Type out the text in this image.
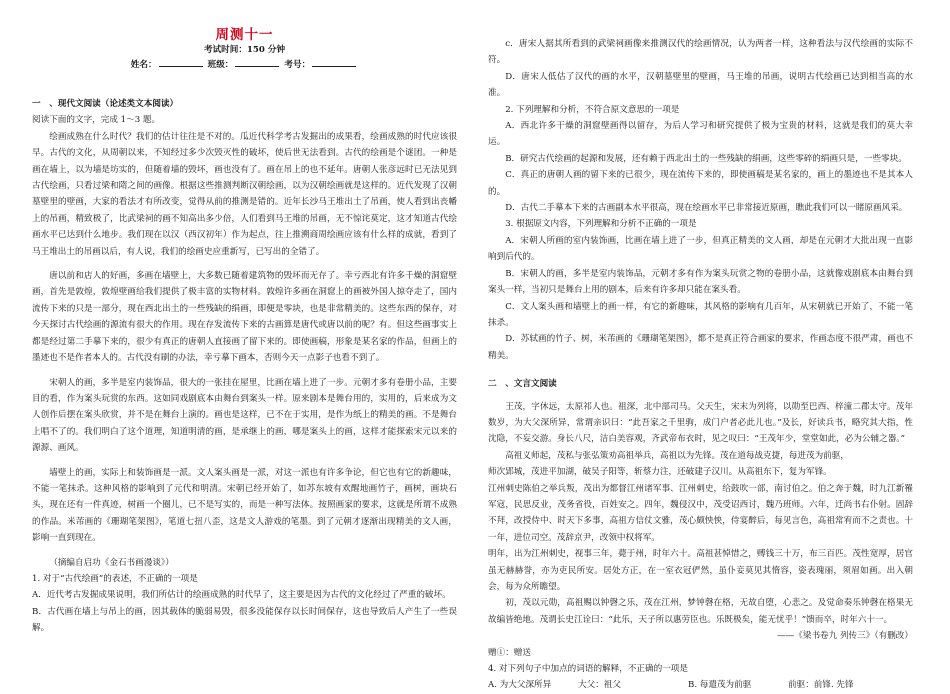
周测十一
考试时间：150 分钟
姓名：	班级：	考号：

一　、现代文阅读（论述类文本阅读）

阅读下面的文字，完成 1～3 题。

绘画成熟在什么时代？我们的估计往往是不对的。瓜近代科学考古发掘出的成果看，绘画成熟的时代应该很早。古代的文化，从周朝以来，不知经过多少次毁灭性的破坏，使后世无法看到。古代的绘画是个谜团。一种是画在墙上，以为墙是坊实的，但随着墙的毁坏，画也没有了。画在吊上的也不延年。唐朝人张彦远时已无法见到古代绘画，只看过梁和隋之间的画像。根据这些推测判断汉朝绘画，以为汉朝绘画就是这样的。近代发现了汉朝墓壁里的壁画，大家的看法才有所改变，觉得从前的推测是错的。近年长沙马王堆出土了吊画，使人看到出丧幡上的吊画，精致极了，比武梁祠的画不知高出多少倍，人们看到马王堆的吊画，无不惊诧莫定，这才知道古代绘画水平已达到什么地步。我们现在以汉（西汉初年）作为起点，往上推溯商周绘画应该有什么样的成就，看到了马王堆出土的吊画以后，有人说，我们的绘画史应重新写，已写出的全错了。

唐以前和店人的好画，多画在墙壁上，大多数已随着建筑物的毁坏而无存了。幸亏西北有许多千燥的洞窟壁画，首先是敦煌，敦煌壁画给我们提供了极丰富的实物材料。敦煌许多画在洞窟上的画被外国人掠夺走了，国内流传下来的只是一部分，现在西北出土的一些残缺的绢画，即便是零块，也是非常精美的。这些东西的保存，对今天探讨古代绘画的源流有很大的作用。现在存发流传下来的古画算是唐代或唐以前的呢？有。但这些画事实上都是经过第二手摹下来的，很少有真正的唐朝人直接画了留下来的。即使画稿，形象是某名家的作品，但画上的墨迹也不是作者本人的。古代没有刷的办法，幸亏摹下画本，否则今天一点影子也看不到了。

宋朝人的画，多半是室内装饰品，很大的一张挂在屋里，比画在墙上进了一步。元朝才多有卷册小品，主要目的看，作为案头玩赏的东西。这如同戏剧底本由舞台到案头一样。原来剧本是舞台用的，实用的，后来成为文人创作后摆在案头欣赏，并不是在舞台上演的。画也是这样，已不在于实用，是作为纸上的精美的画。不是舞台上唱不了的。我们明白了这个道理，知道明清的画，是承继上的画，哪是案头上的画，这样才能探索宋元以来的源源、画风。

墙壁上的画，实际上和装饰画是一派。文人案头画是一派，对这一派也有许多争论，但它也有它的新趣味，不能一笔抹杀。这种风格的影响到了元代和明清。宋朝已经开始了，如苏东坡有欢醒地画竹子，画树，画块石头，现在还有一件真迹，树画一个圈儿，已不是写实的，而是一种写法体。按照画家的要求，这就是所谓不成熟的作品。米芾画的《珊瑚笔架图》，笔道七扭八歪，这是文人游戏的笔墨。到了元朝才逐渐出现精美的文人画，影响一直到现在。

（摘编自启功《金石书画漫谈》）

1. 对于“古代绘画”的表述，不正确的一项是

A．近代考古发掘成果说明，我们所估计的绘画成熟的时代早了，这主要是因为古代的文化经过了严重的破坏。

B．古代画在墙上与吊上的画，因其载体的脆弱易毁，很多没能保存以长时间保存，这也导致后人产生了一些误解。

c．唐宋人据其所看到的武梁祠画像来推测汉代的绘画情况，认为两者一样，这种看法与汉代绘画的实际不符。

D．唐宋人低估了汉代的画的水平，汉朝墓壁里的壁画，马王堆的吊画，说明古代绘画已达到相当高的水准。

2. 下列理解和分析，不符合原文意思的一项是

A．西北许多干燥的洞窟壁画得以留存，为后人学习和研究提供了极为宝贵的材料，这就是我们的莫大幸运。

B．研究古代绘画的起源和发展，还有赖于西北出土的一些残缺的绢画，这些零碎的绢画只是，一些零块。

C．真正的唐朝人画的留下来的已很少，现在流传下来的，即使画稿是某名家的，画上的墨迹也不是其本人的。

D．古代二手摹本下来的古画副本水平很高，现在绘画水平已非常接近原画，瞧此我们可以一睹原画风采。

3. 根据原文内容，下列理解和分析不正确的一项是

A．宋朝人所画的室内装饰画，比画在墙上进了一步，但真正精美的文人画，却是在元朝才大批出现一直影响到后代的。

B．宋朝人的画，多半是室内装饰品，元朝才多有作为案头玩赏之物的卷册小品，这就像戏剧底本由舞台到案头一样，当初只是舞台上用的剧本，后来有许多却只能在案头看。

C．文人案头画和墙壁上的画一样，有它的新趣味，其风格的影响有几百年，从宋朝就已开始了，不能一笔抹杀。

D．苏轼画的竹子、树，米芾画的《珊瑚笔架图》，都不是真正符合画家的要求，作画态度不很严肃，画也不精美。

二　、文言文阅读

王茂，字休远，太原祁人也。祖深，北中部司马。父天生，宋末为列将，以勋至巴西、梓潼二郡太守。茂年数岁，为大父深所异，常谓亲识曰：“此吾家之千里驹，成门户者必此儿也。”及长，好读兵书，略究其大指，性沈隐，不妄交游。身长八尺，洁白美容观，齐武帝布衣时，见之叹曰：“王茂年少，堂堂如此，必为公辅之器。”

高祖义师起，茂私与张弘策劝高祖举兵，高祖以为先锋。茂在道每战克捷，每进茂为前驱，

师次郢城，茂进平加湖，破吴子阳等，斩蔡力注，还破建子汉川。从高祖东下，复为军锋。

江州刺史陈伯之举兵叛，茂出为都督江州诸军事、江州刺史，给鼓吹一部，南讨伯之。伯之奔于魏，时九江新罹军寇，民思反业，茂务省役，百姓安之。四年，魏侵汉中，茂受诏西讨，魏乃班师。六年，迁尚书右仆射。固辞不拜，改授侍中、时天下多事，高祖方信仗文雅，茂心颇怏怏，侍宴醉后，每见言色，高祖常宥而不之责也。十一年，进位司空。茂辞京尹，改领中权将军。

明年，出为江州刺史，视事三年，薨于州，时年六十。高祖甚悼惜之，赙钱三十万，布三百匹。茂性宽厚，居官虽无赫赫誉，亦为吏民所安。居处方正，在一室衣冠俨然，虽仆妾莫见其惰容，姿表瑰丽，须眉如画。出入朝会，每为众所瞻望。

初，茂以元勋，高祖赐以钟磬之乐，茂在江州，梦钟磬在格，无故自堕，心悲之。及觉命奏乐钟磬在格果无故编皆绝地。茂谓长史江诠曰：“此乐，天子所以惠劳臣也。乐既极矣，能无忧乎！”馈而卒，时年六十一。

——《梁书卷九 列传三》（有删改）

赠①：赠送

4. 对下列句子中加点的词语的解释，不正确的一项是

A. 为大父深所异	大父：祖父	B. 每遣茂为前驱	前驱：前锋. 先锋
